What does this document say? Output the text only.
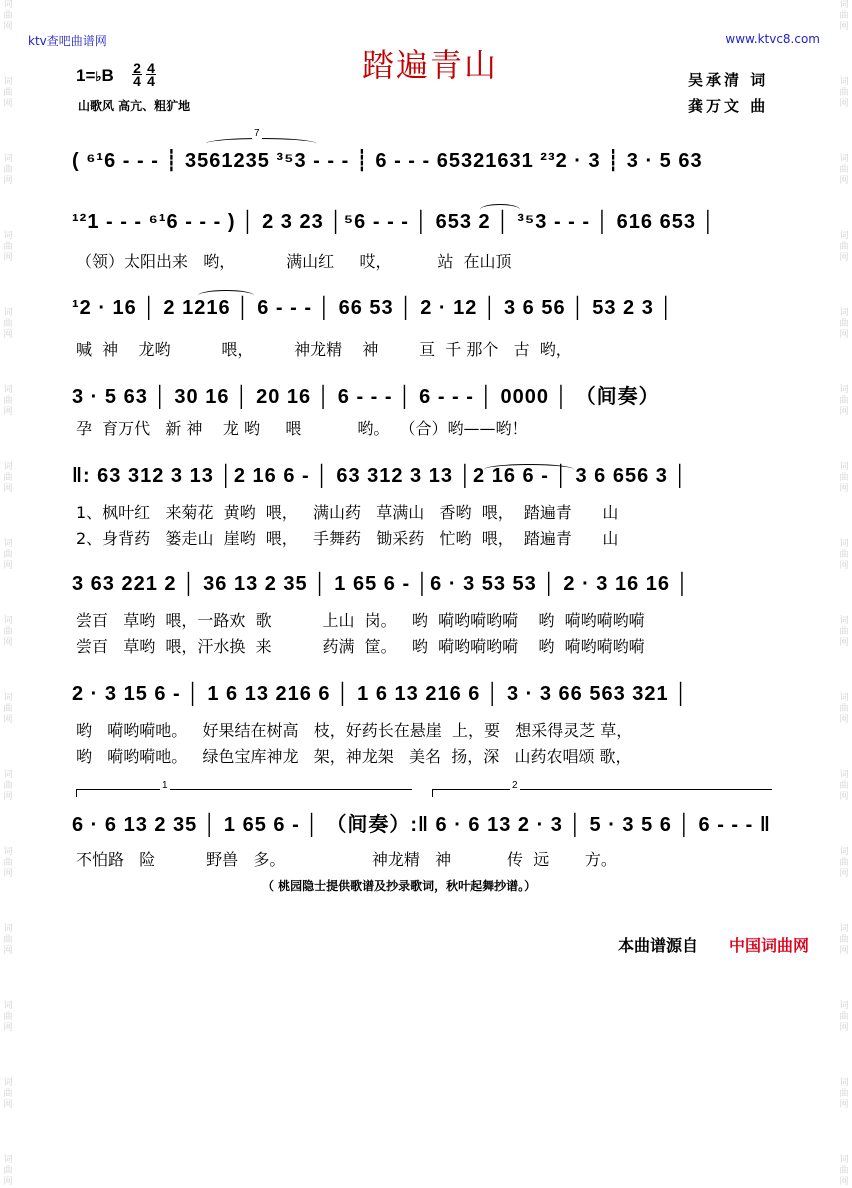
词
曲
网
词
曲
网
词
曲
网
词
曲
网
词
曲
网
词
曲
网
词
曲
网
词
曲
网
词
曲
网
词
曲
网
词
曲
网
词
曲
网
词
曲
网
词
曲
网
词
曲
网
词
曲
网
词
曲
网
词
曲
网
词
曲
网
词
曲
网
词
曲
网
词
曲
网
词
曲
网
词
曲
网
词
曲
网
词
曲
网
词
曲
网
词
曲
网
词
曲
网
词
曲
网
词
曲
网
词
曲
网
ktv查吧曲谱网	www.ktvc8.com
踏遍青山
1=♭B $\frac{2}{4} \frac{4}{4}$
山歌风 高亢、粗犷地
吴承清 词
龚万文 曲
( ⁶¹6 - - - ┊ 3561235 ³⁵3 - - - ┊ 6 - - - 65321631 ²³2 · 3 ┊ 3 · 5 63
¹²1 - - - ⁶¹6 - - - ) │ 2 3 23 │⁵6 - - - │ 653 2 │ ³⁵3 - - - │ 616 653 │
（领）太阳出来   哟，          满山红     哎，         站  在山顶
¹2 · 16 │ 2 1216 │ 6 - - - │ 66 53 │ 2 · 12 │ 3 6 56 │ 53 2 3 │
喊  神    龙哟          喂，        神龙精    神        亘  千 那个   古  哟，
3 · 5 63 │ 30 16 │ 20 16 │ 6 - - - │ 6 - - - │ 0000 │ （间奏）
孕  育万代   新 神    龙 哟     喂           哟。  （合）哟——哟！
‖: 63 312 3 13 │2 16 6 - │ 63 312 3 13 │2 16 6 - │ 3 6 656 3 │
1、枫叶红   来菊花  黄哟  喂，   满山药   草满山   香哟  喂，  踏遍青      山
2、身背药   篓走山  崖哟  喂，   手舞药   锄采药   忙哟  喂，  踏遍青      山
3 63 221 2 │ 36 13 2 35 │ 1 65 6 - │6 · 3 53 53 │ 2 · 3 16 16 │
尝百   草哟  喂，一路欢  歌          上山  岗。   哟  嗬哟嗬哟嗬    哟  嗬哟嗬哟嗬
尝百   草哟  喂，汗水换  来          药满  筐。   哟  嗬哟嗬哟嗬    哟  嗬哟嗬哟嗬
2 · 3 15 6 - │ 1 6 13 216 6 │ 1 6 13 216 6 │ 3 · 3 66 563 321 │
哟   嗬哟嗬吔。   好果结在树高   枝，好药长在悬崖  上，要   想采得灵芝 草，
哟   嗬哟嗬吔。   绿色宝库神龙   架，神龙架   美名  扬，深   山药农唱颂 歌，
1	2
6 · 6 13 2 35 │ 1 65 6 - │ （间奏）:‖ 6 · 6 13 2 · 3 │ 5 · 3 5 6 │ 6 - - - ‖
不怕路   险          野兽   多。                 神龙精   神           传  远       方。
7
（ 桃园隐士提供歌谱及抄录歌词，秋叶起舞抄谱。）
本曲谱源自 中国词曲网
